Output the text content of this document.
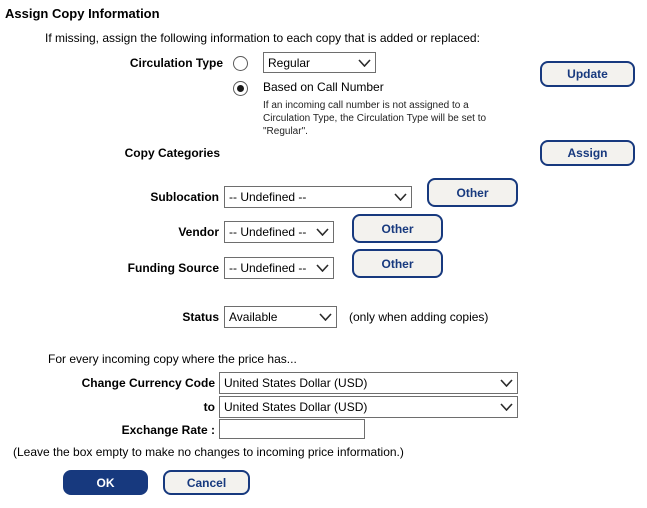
Assign Copy Information
If missing, assign the following information to each copy that is added or replaced:
Circulation Type	Regular
Update
Based on Call Number
If an incoming call number is not assigned to a Circulation Type, the Circulation Type will be set to "Regular".
Copy Categories	Assign
Sublocation -- Undefined --	Other
Vendor -- Undefined --	Other
Funding Source -- Undefined --	Other
Status Available	(only when adding copies)
For every incoming copy where the price has...
Change Currency Code United States Dollar (USD)
to United States Dollar (USD)
Exchange Rate :
(Leave the box empty to make no changes to incoming price information.)
OK	Cancel
